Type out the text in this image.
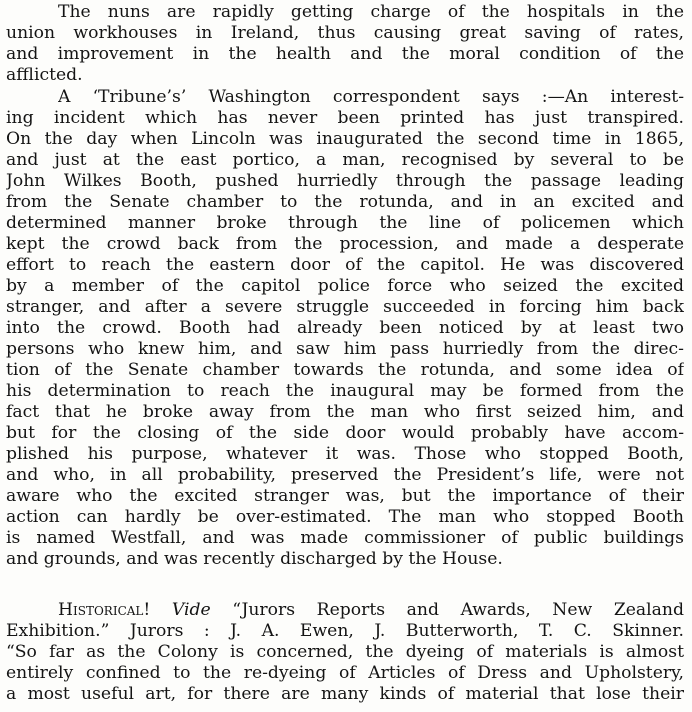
The nuns are rapidly getting charge of the hospitals in the
union workhouses in Ireland, thus causing great saving of rates,
and improvement in the health and the moral condition of the
afflicted.
A ‘Tribune’s’ Washington correspondent says :—An interest-
ing incident which has never been printed has just transpired.
On the day when Lincoln was inaugurated the second time in 1865,
and just at the east portico, a man, recognised by several to be
John Wilkes Booth, pushed hurriedly through the passage leading
from the Senate chamber to the rotunda, and in an excited and
determined manner broke through the line of policemen which
kept the crowd back from the procession, and made a desperate
effort to reach the eastern door of the capitol. He was discovered
by a member of the capitol police force who seized the excited
stranger, and after a severe struggle succeeded in forcing him back
into the crowd. Booth had already been noticed by at least two
persons who knew him, and saw him pass hurriedly from the direc-
tion of the Senate chamber towards the rotunda, and some idea of
his determination to reach the inaugural may be formed from the
fact that he broke away from the man who first seized him, and
but for the closing of the side door would probably have accom-
plished his purpose, whatever it was. Those who stopped Booth,
and who, in all probability, preserved the President’s life, were not
aware who the excited stranger was, but the importance of their
action can hardly be over-estimated. The man who stopped Booth
is named Westfall, and was made commissioner of public buildings
and grounds, and was recently discharged by the House.
Historical! Vide “Jurors Reports and Awards, New Zealand
Exhibition.” Jurors : J. A. Ewen, J. Butterworth, T. C. Skinner.
“So far as the Colony is concerned, the dyeing of materials is almost
entirely confined to the re-dyeing of Articles of Dress and Upholstery,
a most useful art, for there are many kinds of material that lose their
